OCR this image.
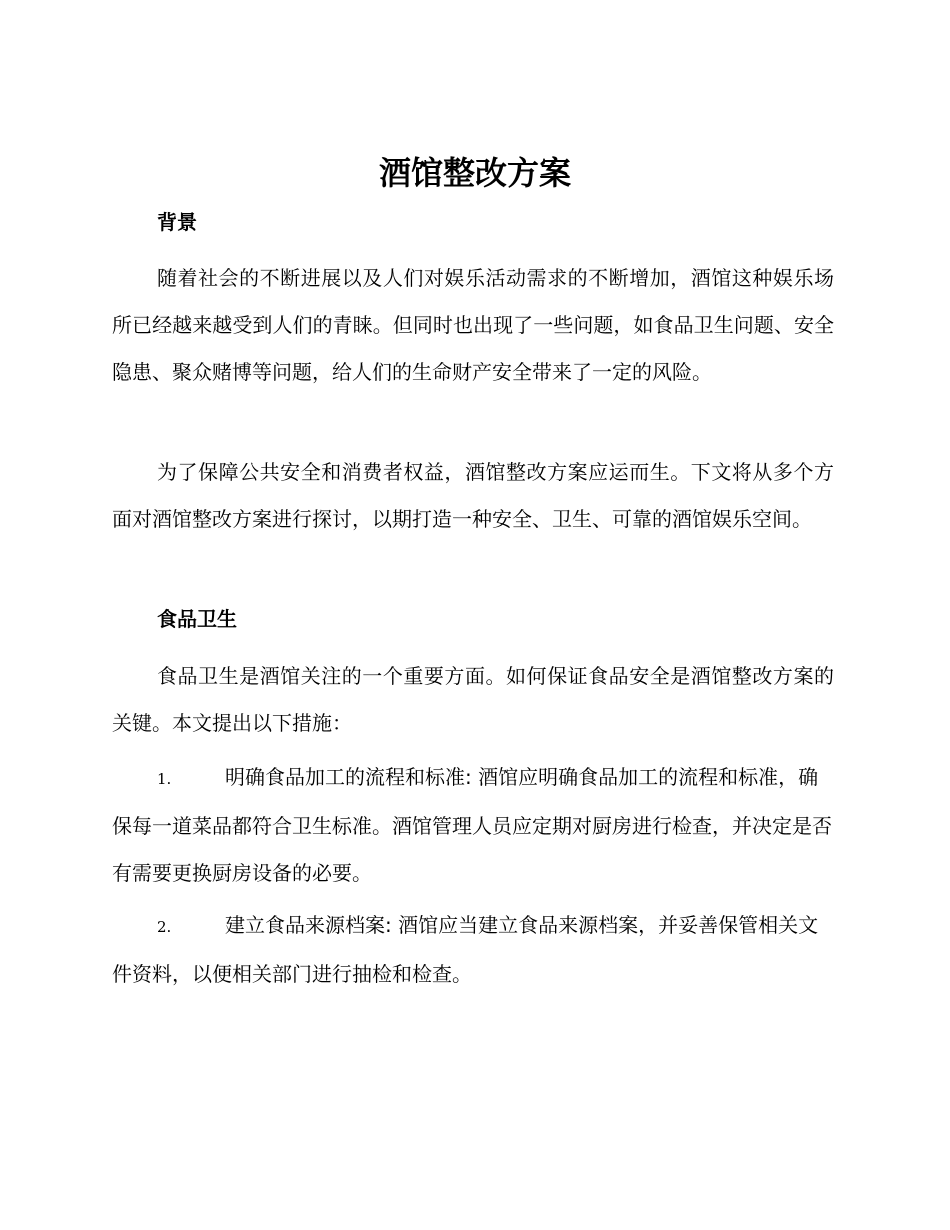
酒馆整改方案
背景

随着社会的不断进展以及人们对娱乐活动需求的不断增加，酒馆这种娱乐场所已经越来越受到人们的青睐。但同时也出现了一些问题，如食品卫生问题、安全隐患、聚众赌博等问题，给人们的生命财产安全带来了一定的风险。

为了保障公共安全和消费者权益，酒馆整改方案应运而生。下文将从多个方面对酒馆整改方案进行探讨，以期打造一种安全、卫生、可靠的酒馆娱乐空间。

食品卫生

食品卫生是酒馆关注的一个重要方面。如何保证食品安全是酒馆整改方案的关键。本文提出以下措施：

1.	明确食品加工的流程和标准: 酒馆应明确食品加工的流程和标准，确保每一道菜品都符合卫生标准。酒馆管理人员应定期对厨房进行检查，并决定是否有需要更换厨房设备的必要。

2.	建立食品来源档案: 酒馆应当建立食品来源档案，并妥善保管相关文件资料，以便相关部门进行抽检和检查。
